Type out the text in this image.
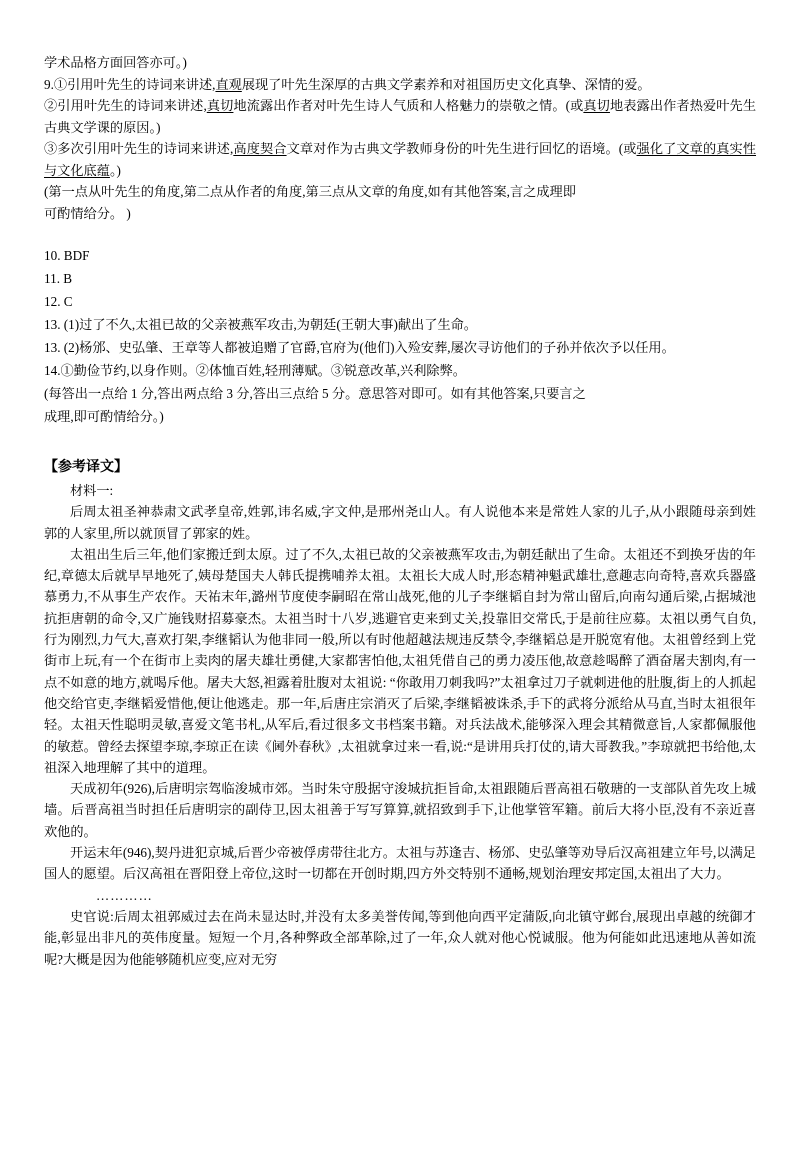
学术品格方面回答亦可。)
9.①引用叶先生的诗词来讲述,直观展现了叶先生深厚的古典文学素养和对祖国历史文化真挚、深情的爱。
②引用叶先生的诗词来讲述,真切地流露出作者对叶先生诗人气质和人格魅力的崇敬之情。(或真切地表露出作者热爱叶先生古典文学课的原因。)
③多次引用叶先生的诗词来讲述,高度契合文章对作为古典文学教师身份的叶先生进行回忆的语境。(或强化了文章的真实性与文化底蕴。)
(第一点从叶先生的角度,第二点从作者的角度,第三点从文章的角度,如有其他答案,言之成理即
可酌情给分。 )
10. BDF
11. B
12. C
13. (1)过了不久,太祖已故的父亲被燕军攻击,为朝廷(王朝大事)献出了生命。
13. (2)杨邠、史弘肇、王章等人都被追赠了官爵,官府为(他们)入殓安葬,屡次寻访他们的子孙并依次予以任用。
14.①勤俭节约,以身作则。②体恤百姓,轻刑薄赋。③锐意改革,兴利除弊。
(每答出一点给 1 分,答出两点给 3 分,答出三点给 5 分。意思答对即可。如有其他答案,只要言之
成理,即可酌情给分。)
【参考译文】

材料一:

后周太祖圣神恭肃文武孝皇帝,姓郭,讳名威,字文仲,是邢州尧山人。有人说他本来是常姓人家的儿子,从小跟随母亲到姓郭的人家里,所以就顶冒了郭家的姓。

太祖出生后三年,他们家搬迁到太原。过了不久,太祖已故的父亲被燕军攻击,为朝廷献出了生命。太祖还不到换牙齿的年纪,章德太后就早早地死了,姨母楚国夫人韩氏提携哺养太祖。太祖长大成人时,形态精神魁武雄壮,意趣志向奇特,喜欢兵器盛慕勇力,不从事生产农作。天祐末年,潞州节度使李嗣昭在常山战死,他的儿子李继韬自封为常山留后,向南勾通后梁,占据城池抗拒唐朝的命令,又广施钱财招募豪杰。太祖当时十八岁,逃避官吏来到丈关,投靠旧交常氏,于是前往应募。太祖以勇气自负,行为刚烈,力气大,喜欢打架,李继韬认为他非同一般,所以有时他超越法规违反禁令,李继韬总是开脱宽宥他。太祖曾经到上党街市上玩,有一个在街市上卖肉的屠夫雄壮勇健,大家都害怕他,太祖凭借自己的勇力凌压他,故意趁喝醉了酒奋屠夫割肉,有一点不如意的地方,就喝斥他。屠夫大怒,袒露着肚腹对太祖说: “你敢用刀刺我吗?”太祖拿过刀子就刺进他的肚腹,街上的人抓起他交给官吏,李继韬爱惜他,便让他逃走。那一年,后唐庄宗消灭了后梁,李继韬被诛杀,手下的武将分派给从马直,当时太祖很年轻。太祖天性聪明灵敏,喜爱文笔书札,从军后,看过很多文书档案书籍。对兵法战术,能够深入理会其精微意旨,人家都佩服他的敏惹。曾经去探望李琼,李琼正在读《阃外春秋》,太祖就拿过来一看,说:“是讲用兵打仗的,请大哥教我。”李琼就把书给他,太祖深入地理解了其中的道理。

天成初年(926),后唐明宗驾临浚城市郊。当时朱守殷据守浚城抗拒旨命,太祖跟随后晋高祖石敬瑭的一支部队首先攻上城墙。后晋高祖当时担任后唐明宗的副侍卫,因太祖善于写写算算,就招致到手下,让他掌管军籍。前后大将小臣,没有不亲近喜欢他的。

开运末年(946),契丹进犯京城,后晋少帝被俘虏带往北方。太祖与苏逢吉、杨邠、史弘肇等劝导后汉高祖建立年号,以满足国人的愿望。后汉高祖在晋阳登上帝位,这时一切都在开创时期,四方外交特别不通畅,规划治理安邦定国,太祖出了大力。

…………

史官说:后周太祖郭威过去在尚未显达时,并没有太多美誉传闻,等到他向西平定蒲阪,向北镇守邺台,展现出卓越的统御才能,彰显出非凡的英伟度量。短短一个月,各种弊政全部革除,过了一年,众人就对他心悦诚服。他为何能如此迅速地从善如流呢?大概是因为他能够随机应变,应对无穷
